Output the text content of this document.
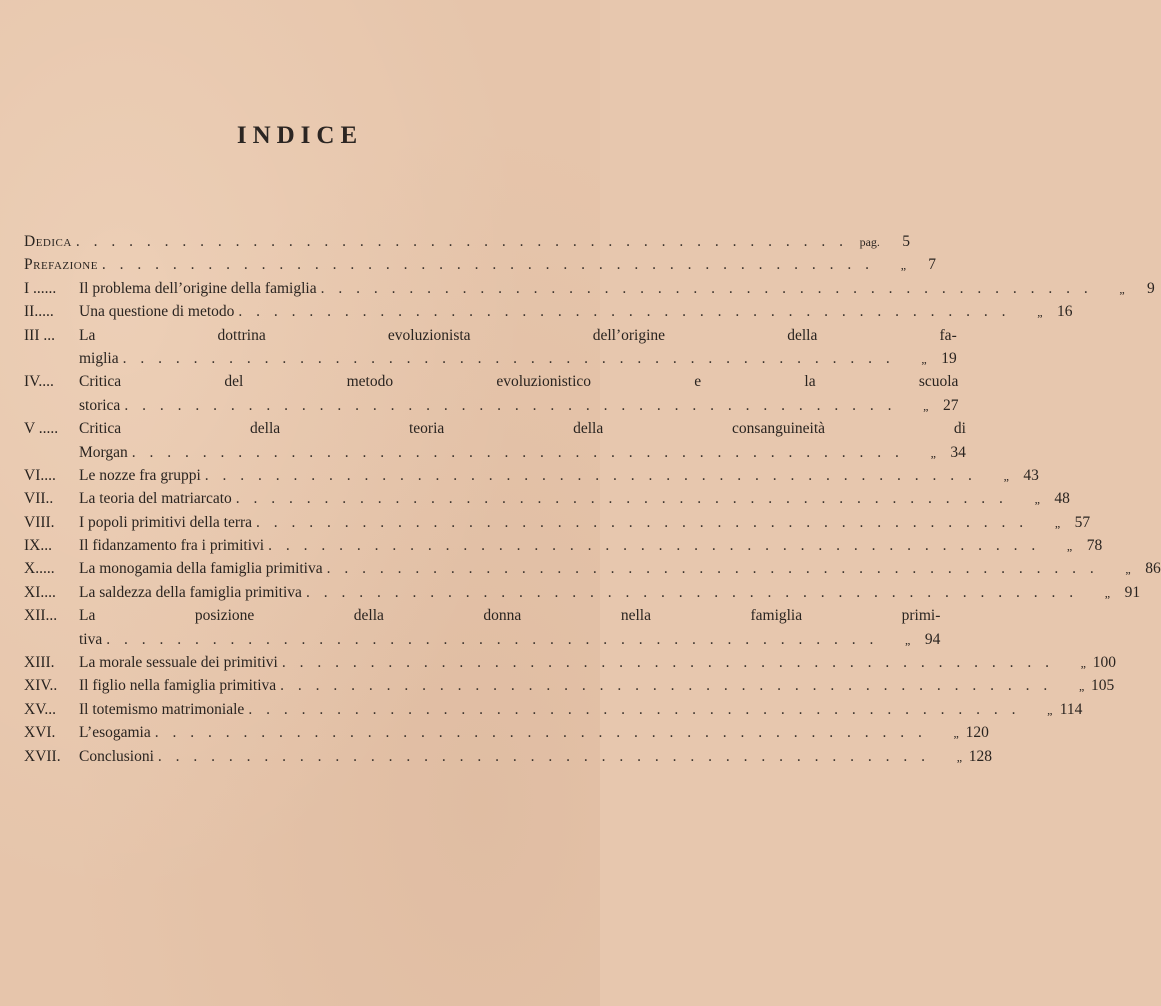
INDICE
Dedica . . .	pag.	5
Prefazione . . .	„	7
I ......	Il problema dell’origine della famiglia . . .	„	9
II.....	Una questione di metodo . . .	„ 16
III ...	La dottrina evoluzionista dell’origine della fa-
miglia . . .	„ 19
IV....	Critica del metodo evoluzionistico e la scuola
storica . . .	„ 27
V .....	Critica della teoria della consanguineità di
Morgan . . .	„ 34
VI....	Le nozze fra gruppi . . .	„ 43
VII..	La teoria del matriarcato . . .	„ 48
VIII.	I popoli primitivi della terra . . .	„ 57
IX...	Il fidanzamento fra i primitivi . . .	„ 78
X.....	La monogamia della famiglia primitiva . . .	„ 86
XI....	La saldezza della famiglia primitiva . . .	„ 91
XII...	La posizione della donna nella famiglia primi-
tiva . . .	„ 94
XIII.	La morale sessuale dei primitivi . . .	„ 100
XIV..	Il figlio nella famiglia primitiva . . .	„ 105
XV...	Il totemismo matrimoniale . . .	„ 114
XVI.	L’esogamia . . .	„ 120
XVII.	Conclusioni . . .	„ 128
